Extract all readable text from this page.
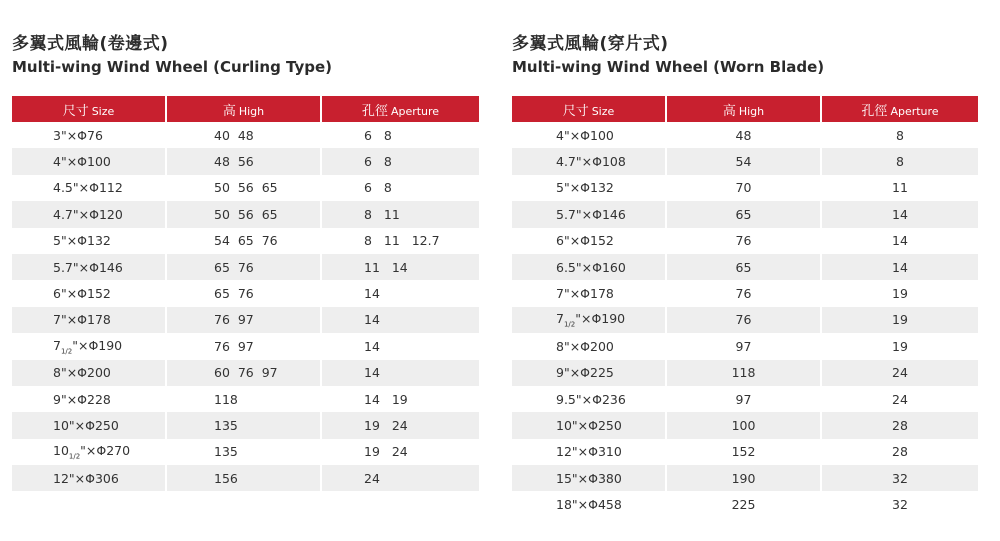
多翼式風輪(卷邊式)
Multi-wing Wind Wheel (Curling Type)
尺寸 Size	高 High	孔徑 Aperture
3"×Φ76	40  48	6   8
4"×Φ100	48  56	6   8
4.5"×Φ112	50  56  65	6   8
4.7"×Φ120	50  56  65	8   11
5"×Φ132	54  65  76	8   11   12.7
5.7"×Φ146	65  76	11   14
6"×Φ152	65  76	14
7"×Φ178	76  97	14
$7_{1/2}"\times\Phi 190$	76  97	14
8"×Φ200	60  76  97	14
9"×Φ228	118	14   19
10"×Φ250	135	19   24
$10_{1/2}"\times\Phi 270$	135	19   24
12"×Φ306	156	24
多翼式風輪(穿片式)
Multi-wing Wind Wheel (Worn Blade)
尺寸 Size	高 High	孔徑 Aperture
4"×Φ100	48	8
4.7"×Φ108	54	8
5"×Φ132	70	11
5.7"×Φ146	65	14
6"×Φ152	76	14
6.5"×Φ160	65	14
7"×Φ178	76	19
$7_{1/2}"\times\Phi 190$	76	19
8"×Φ200	97	19
9"×Φ225	118	24
9.5"×Φ236	97	24
10"×Φ250	100	28
12"×Φ310	152	28
15"×Φ380	190	32
18"×Φ458	225	32
